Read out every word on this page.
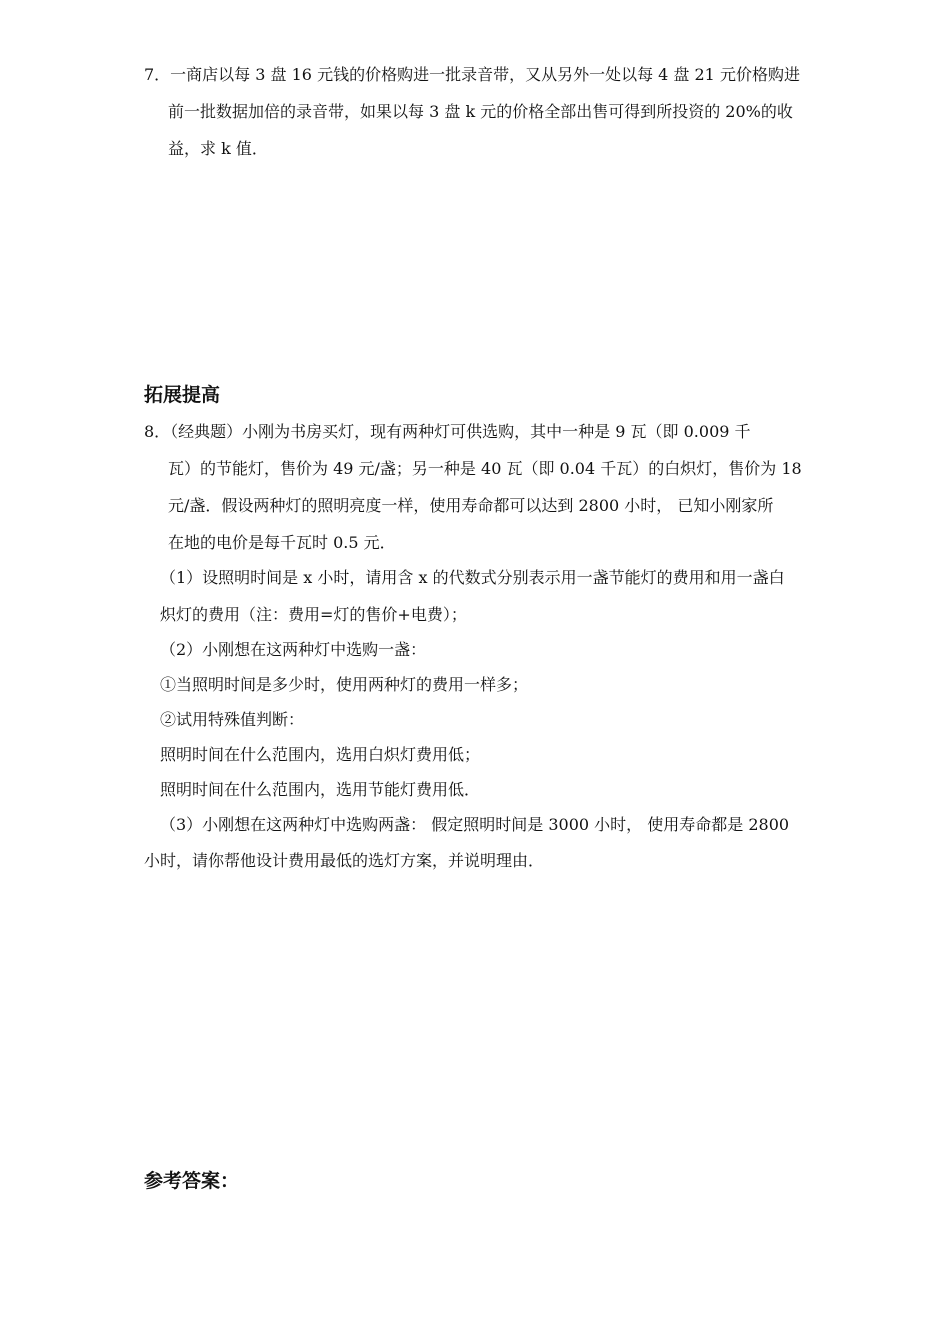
7．一商店以每 3 盘 16 元钱的价格购进一批录音带，又从另外一处以每 4 盘 21 元价格购进
前一批数据加倍的录音带，如果以每 3 盘 k 元的价格全部出售可得到所投资的 20%的收
益，求 k 值．
拓展提高
8．（经典题）小刚为书房买灯，现有两种灯可供选购，其中一种是 9 瓦（即 0.009 千
瓦）的节能灯，售价为 49 元/盏；另一种是 40 瓦（即 0.04 千瓦）的白炽灯，售价为 18
元/盏．假设两种灯的照明亮度一样，使用寿命都可以达到 2800 小时， 已知小刚家所
在地的电价是每千瓦时 0.5 元．
（1）设照明时间是 x 小时，请用含 x 的代数式分别表示用一盏节能灯的费用和用一盏白
炽灯的费用（注：费用=灯的售价+电费）；
（2）小刚想在这两种灯中选购一盏：
①当照明时间是多少时，使用两种灯的费用一样多；
②试用特殊值判断：
照明时间在什么范围内，选用白炽灯费用低；
照明时间在什么范围内，选用节能灯费用低．
（3）小刚想在这两种灯中选购两盏： 假定照明时间是 3000 小时， 使用寿命都是 2800
小时，请你帮他设计费用最低的选灯方案，并说明理由．
参考答案：
